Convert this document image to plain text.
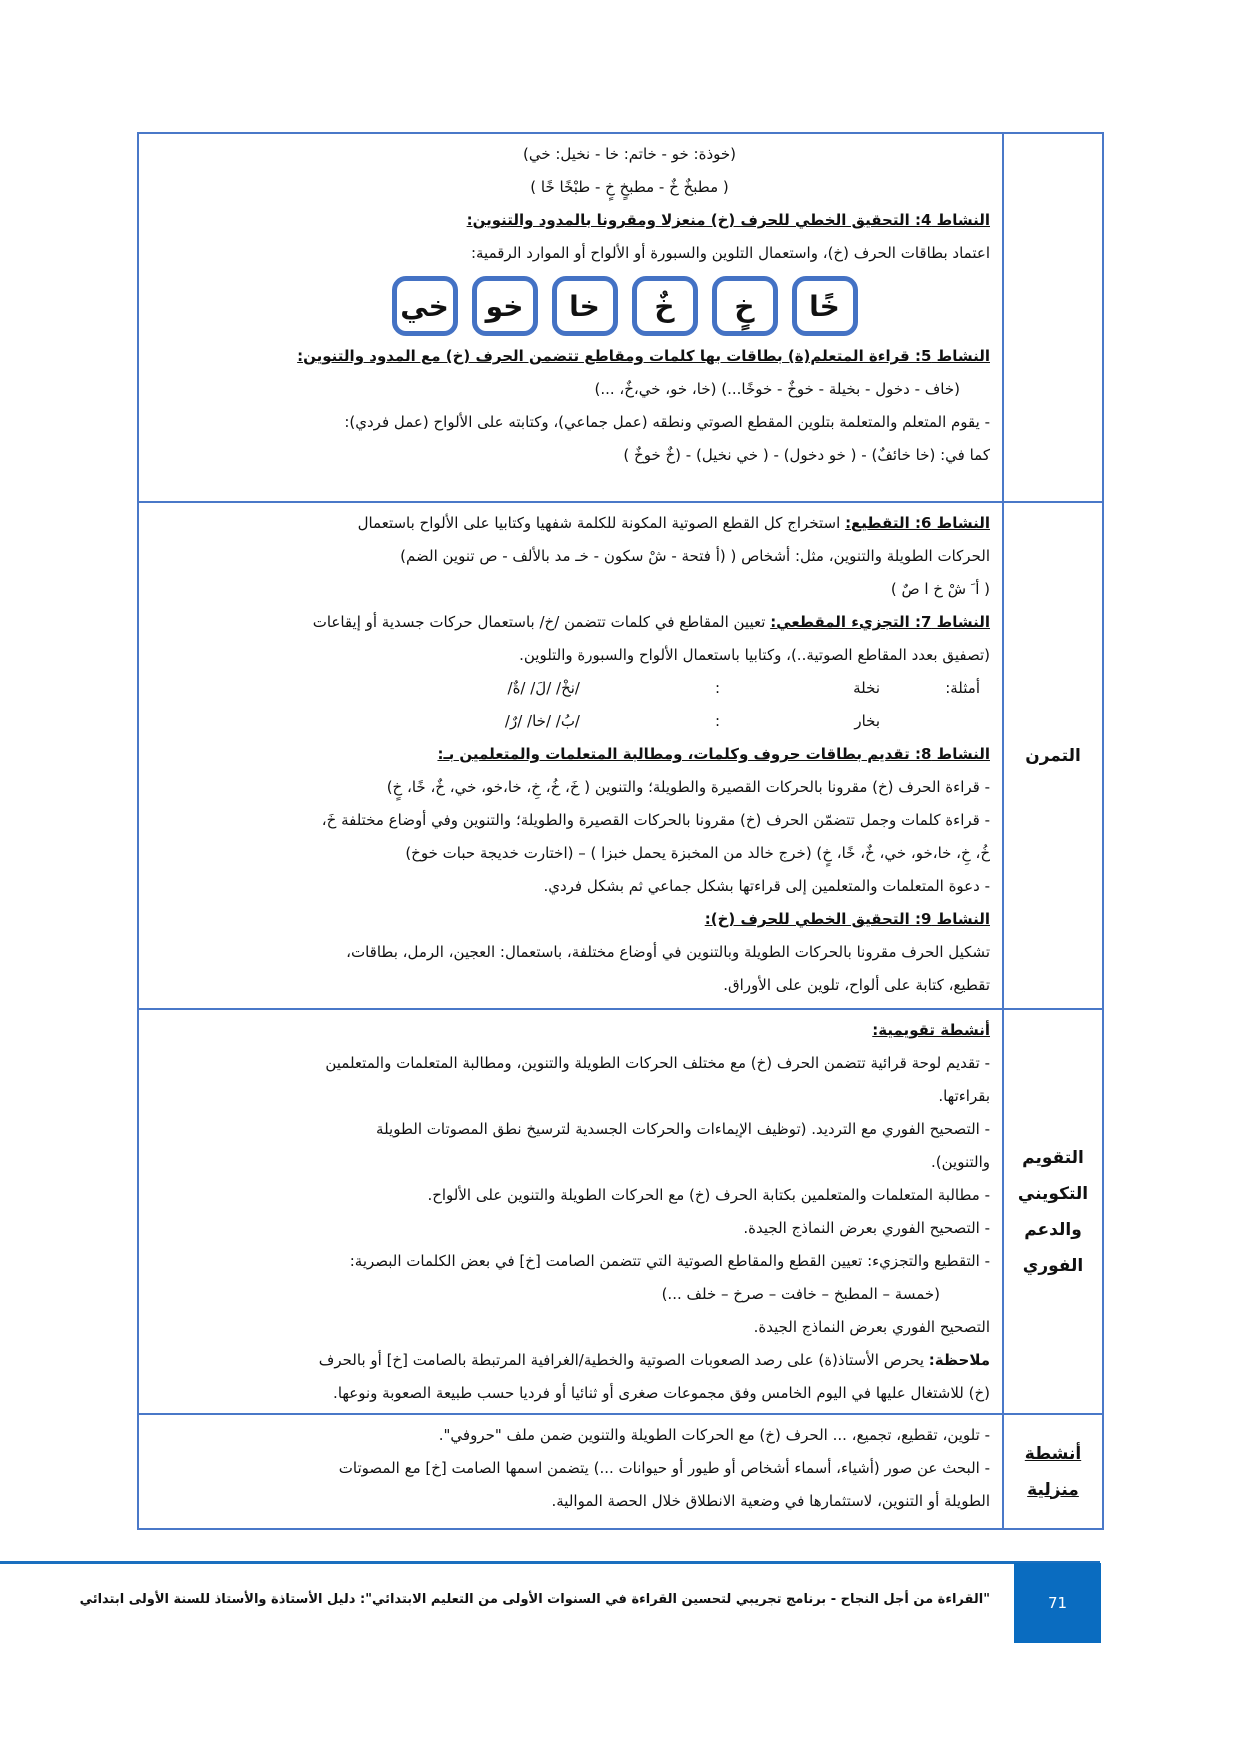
(خوذة: خو - خاتم: خا - نخيل: خي)
( مطبخٌ خٌ - مطبخٍ خٍ - طبْخًا خًا )
النشاط 4: التحقيق الخطي للحرف (خ) منعزلا ومقرونا بالمدود والتنوين:
اعتماد بطاقات الحرف (خ)، واستعمال التلوين والسبورة أو الألواح أو الموارد الرقمية:
خًا
خٍ
خٌ
خا
خو
خي
النشاط 5: قراءة المتعلم(ة) بطاقات بها كلمات ومقاطع تتضمن الحرف (خ) مع المدود والتنوين:
(خاف - دخول - بخيلة - خوخٌ - خوخًا...) (خا، خو، خي،خٌ، ...)
- يقوم المتعلم والمتعلمة بتلوين المقطع الصوتي ونطقه (عمل جماعي)، وكتابته على الألواح (عمل فردي):
كما في: (خا خائفٌ) - ( خو دخول) - ( خي نخيل) - (خٌ خوخٌ )
التمرن
النشاط 6: التقطيع: استخراج كل القطع الصوتية المكونة للكلمة شفهيا وكتابيا على الألواح باستعمال
الحركات الطويلة والتنوين، مثل: أشخاص ( (أ فتحة - شْ سكون - خـ مد بالألف - ص تنوين الضم)
( أ َ شْ خ ا صٌ )
النشاط 7: التجزيء المقطعي: تعيين المقاطع في كلمات تتضمن /خ/ باستعمال حركات جسدية أو إيقاعات
(تصفيق بعدد المقاطع الصوتية..)، وكتابيا باستعمال الألواح والسبورة والتلوين.
أمثلة:
نخلة
:
/نخْ/ /لَ/ /ةٌ/
بخار
:
/بُ/ /خا/ /رٌ/
النشاط 8: تقديم بطاقات حروف وكلمات، ومطالبة المتعلمات والمتعلمين بـ:
- قراءة الحرف (خ) مقرونا بالحركات القصيرة والطويلة؛ والتنوين ( خَ، خُ، خِ، خا،خو، خي، خٌ، خًا، خٍ)
- قراءة كلمات وجمل تتضمّن الحرف (خ) مقرونا بالحركات القصيرة والطويلة؛ والتنوين وفي أوضاع مختلفة خَ،
خُ، خِ، خا،خو، خي، خٌ، خًا، خٍ) (خرج خالد من المخبزة يحمل خبزا ) – (اختارت خديجة حبات خوخ)
- دعوة المتعلمات والمتعلمين إلى قراءتها بشكل جماعي ثم بشكل فردي.
النشاط 9: التحقيق الخطي للحرف (خ):
تشكيل الحرف مقرونا بالحركات الطويلة وبالتنوين في أوضاع مختلفة، باستعمال: العجين، الرمل، بطاقات،
تقطيع، كتابة على ألواح، تلوين على الأوراق.
التقويم التكويني والدعم الفوري
أنشطة تقويمية:
- تقديم لوحة قرائية تتضمن الحرف (خ) مع مختلف الحركات الطويلة والتنوين، ومطالبة المتعلمات والمتعلمين
بقراءتها.
- التصحيح الفوري مع الترديد. (توظيف الإيماءات والحركات الجسدية لترسيخ نطق المصوتات الطويلة
والتنوين).
- مطالبة المتعلمات والمتعلمين بكتابة الحرف (خ) مع الحركات الطويلة والتنوين على الألواح.
- التصحيح الفوري بعرض النماذج الجيدة.
- التقطيع والتجزيء: تعيين القطع والمقاطع الصوتية التي تتضمن الصامت [خ] في بعض الكلمات البصرية:
(خمسة – المطبخ – خافت – صرخ – خلف ...)
التصحيح الفوري بعرض النماذج الجيدة.
ملاحظة: يحرص الأستاذ(ة) على رصد الصعوبات الصوتية والخطية/الغرافية المرتبطة بالصامت [خ] أو بالحرف
(خ) للاشتغال عليها في اليوم الخامس وفق مجموعات صغرى أو ثنائيا أو فرديا حسب طبيعة الصعوبة ونوعها.
أنشطة منزلية
- تلوين، تقطيع، تجميع، ... الحرف (خ) مع الحركات الطويلة والتنوين ضمن ملف "حروفي".
- البحث عن صور (أشياء، أسماء أشخاص أو طيور أو حيوانات ...) يتضمن اسمها الصامت [خ] مع المصوتات
الطويلة أو التنوين، لاستثمارها في وضعية الانطلاق خلال الحصة الموالية.
71
"القراءة من أجل النجاح - برنامج تجريبي لتحسين القراءة في السنوات الأولى من التعليم الابتدائي": دليل الأستاذة والأستاذ للسنة الأولى ابتدائي
